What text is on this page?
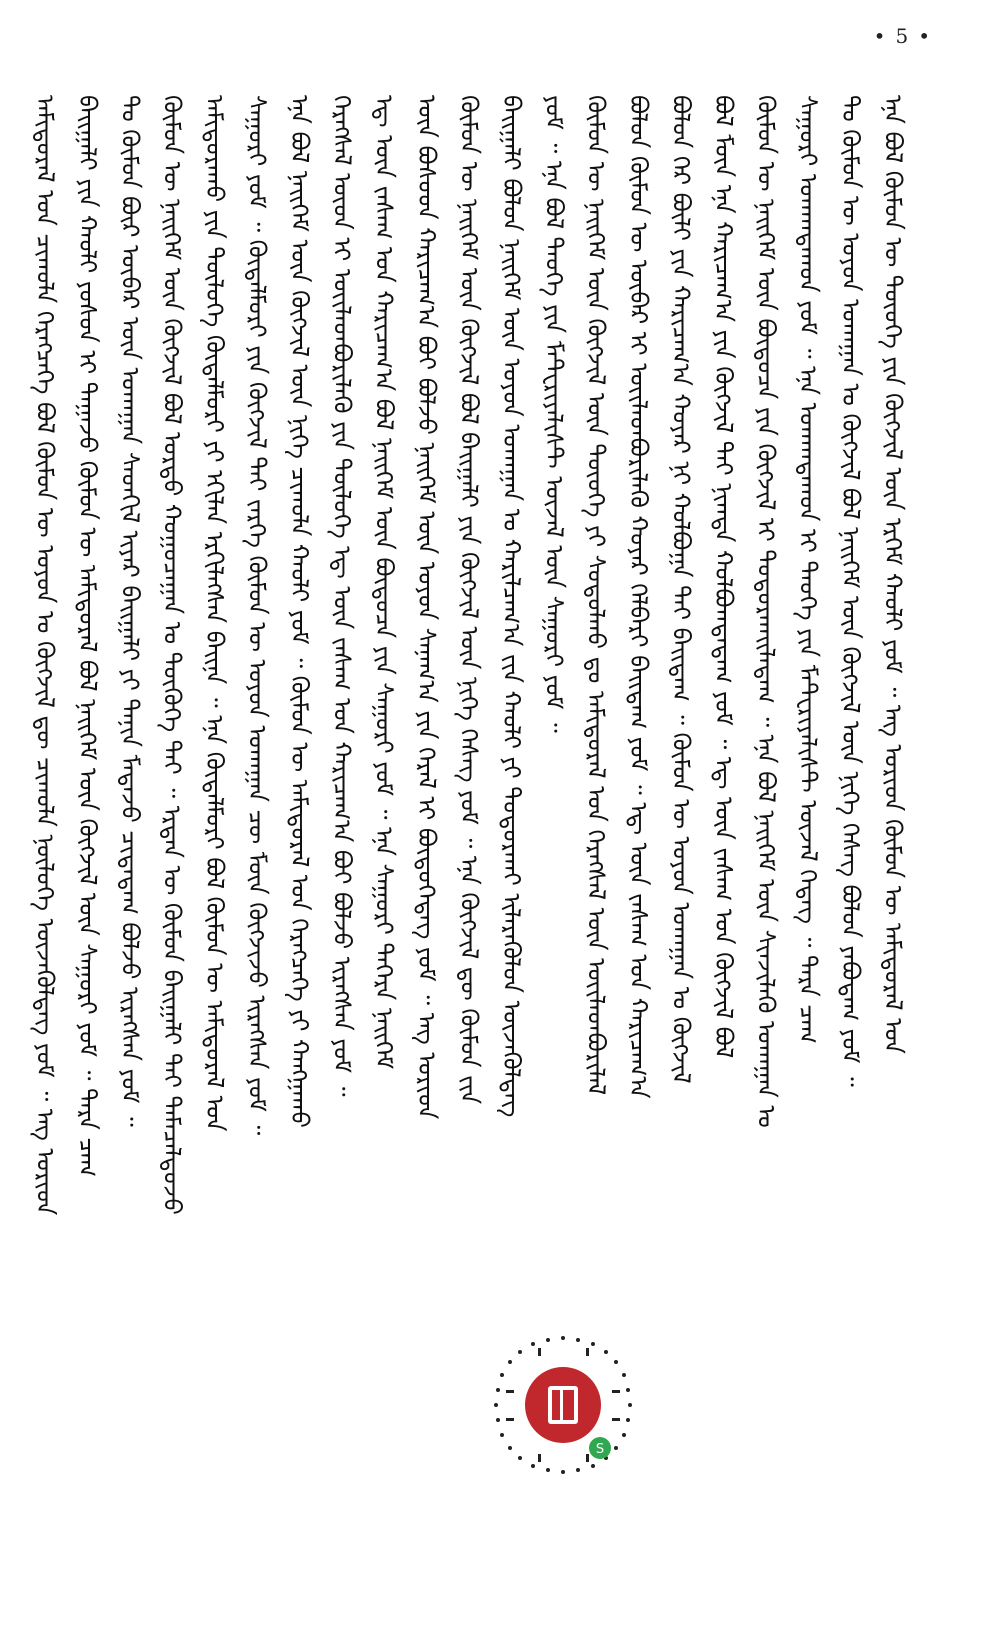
• 5 •
ᠠᠮᠢᠳᠤᠷᠠᠯ ᠤᠨ ᠴᠢᠬᠤᠯᠠ ᠬᠡᠷᠡᠭᠴᠡᠭᠡ ᠪᠣᠯ ᠬᠦᠮᠦᠨ ᠦ ᠣᠶᠤᠨ ᠤ ᠬᠥᠭᠵᠢᠯ ᠳᠦ ᠴᠢᠬᠤᠯᠠ ᠨᠥᠯᠥᠭᠡ ᠦᠵᠡᠭᠦᠯᠳᠡᠭ ᠶᠤᠮ ᠃ ᠡᠩ ᠤᠷᠢᠳ ᠪᠠᠢᠭᠠᠯᠢ ᠶᠢᠨ ᠬᠠᠤᠯᠢ ᠶᠣᠰᠣᠨ ᠢ ᠳᠠᠭᠠᠵᠤ ᠬᠦᠮᠦᠨ ᠦ ᠠᠮᠢᠳᠤᠷᠠᠯ ᠪᠣᠯ ᠨᠡᠢᠭᠡᠮ ᠦᠨ ᠬᠥᠭᠵᠢᠯ ᠦᠨ ᠰᠠᠭᠤᠷᠢ ᠶᠤᠮ ᠃ ᠲᠡᠷᠡ ᠴᠠᠭ ᠲᠤ ᠬᠦᠮᠦᠨ ᠪᠦᠷ ᠥᠪᠡᠷ ᠦᠨ ᠤᠬᠠᠭᠠᠨ ᠰᠡᠳᠬᠢᠯ ᠢᠶᠡᠷ ᠪᠠᠢᠭᠠᠯᠢ ᠶᠢ ᠲᠠᠨᠢᠨ ᠮᠡᠳᠡᠵᠦ ᠴᠢᠳᠠᠳᠠᠭ ᠪᠣᠯᠵᠤ ᠢᠷᠡᠭᠰᠡᠨ ᠶᠤᠮ ᠃ ᠬᠦᠮᠦᠨ ᠦ ᠨᠡᠢᠭᠡᠮ ᠦᠨ ᠬᠥᠭᠵᠢᠯ ᠪᠣᠯ ᠤᠷᠲᠤ ᠬᠤᠭᠤᠴᠠᠭᠠᠨ ᠤ ᠲᠦᠭᠦᠬᠡ ᠲᠠᠢ ᠃ ᠡᠷᠲᠡᠨ ᠦ ᠬᠦᠮᠦᠨ ᠪᠠᠢᠭᠠᠯᠢ ᠲᠠᠢ ᠲᠡᠮᠡᠴᠡᠯᠳᠦᠵᠦ ᠠᠮᠢᠳᠤᠷᠠᠬᠤ ᠶᠢᠨ ᠲᠥᠯᠥᠭᠡ ᠬᠥᠳᠡᠯᠮᠦᠷᠢ ᠶᠢ ᠡᠬᠢᠯᠡᠨ ᠡᠷᠬᠢᠯᠡᠭᠰᠡᠨ ᠪᠠᠢᠨᠠ ᠃ ᠡᠨᠡ ᠬᠥᠳᠡᠯᠮᠦᠷᠢ ᠪᠣᠯ ᠬᠦᠮᠦᠨ ᠦ ᠠᠮᠢᠳᠤᠷᠠᠯ ᠤᠨ ᠰᠠᠭᠤᠷᠢ ᠶᠤᠮ ᠃ ᠬᠥᠳᠡᠯᠮᠦᠷᠢ ᠶᠢᠨ ᠬᠥᠭᠵᠢᠯ ᠲᠡᠢ ᠵᠡᠷᠭᠡ ᠬᠦᠮᠦᠨ ᠦ ᠣᠶᠤᠨ ᠤᠬᠠᠭᠠᠨ ᠴᠦ ᠮᠥᠨ ᠬᠥᠭᠵᠢᠵᠦ ᠢᠷᠡᠭᠰᠡᠨ ᠶᠤᠮ ᠃ ᠡᠨᠡ ᠪᠣᠯ ᠨᠡᠢᠭᠡᠮ ᠦᠨ ᠬᠥᠭᠵᠢᠯ ᠦᠨ ᠨᠢᠭᠡ ᠴᠢᠬᠤᠯᠠ ᠬᠠᠤᠯᠢ ᠶᠤᠮ ᠃ ᠬᠦᠮᠦᠨ ᠦ ᠠᠮᠢᠳᠤᠷᠠᠯ ᠤᠨ ᠬᠡᠷᠡᠭᠴᠡᠭᠡ ᠶᠢ ᠬᠠᠩᠭᠠᠬᠤ ᠬᠡᠷᠡᠭᠰᠡᠯ ᠦᠳ ᠢ ᠦᠢᠯᠡᠳᠪᠦᠷᠢᠯᠡᠬᠦ ᠶᠢᠨ ᠲᠥᠯᠥᠭᠡ ᠡᠳ᠋ ᠦᠨ ᠵᠠᠰᠠᠭ ᠤᠨ ᠬᠠᠷᠢᠴᠠᠭ᠎ᠠ ᠪᠣᠢ ᠪᠣᠯᠵᠤ ᠢᠷᠡᠭᠰᠡᠨ ᠶᠤᠮ ᠃ ᠡᠳ᠋ ᠦᠨ ᠵᠠᠰᠠᠭ ᠤᠨ ᠬᠠᠷᠢᠴᠠᠭ᠎ᠠ ᠪᠣᠯ ᠨᠡᠢᠭᠡᠮ ᠦᠨ ᠪᠦᠲᠦᠴᠡ ᠶᠢᠨ ᠰᠠᠭᠤᠷᠢ ᠶᠤᠮ ᠃ ᠡᠨᠡ ᠰᠠᠭᠤᠷᠢ ᠲᠡᠭᠡᠷᠡ ᠨᠡᠢᠭᠡᠮ ᠦᠨ ᠪᠤᠰᠤᠳ ᠬᠠᠷᠢᠴᠠᠭ᠎ᠠ ᠪᠣᠢ ᠪᠣᠯᠵᠤ ᠨᠡᠢᠭᠡᠮ ᠦᠨ ᠣᠶᠤᠨ ᠰᠠᠨᠠᠭ᠎ᠠ ᠶᠢᠨ ᠭᠡᠷᠡᠯ ᠢ ᠪᠦᠲᠦᠭᠡᠳᠡᠭ ᠶᠤᠮ ᠃ ᠡᠩ ᠤᠷᠢᠳ ᠬᠦᠮᠦᠨ ᠦ ᠨᠡᠢᠭᠡᠮ ᠦᠨ ᠬᠥᠭᠵᠢᠯ ᠪᠣᠯ ᠪᠠᠢᠭᠠᠯᠢ ᠶᠢᠨ ᠬᠥᠭᠵᠢᠯ ᠦᠨ ᠨᠢᠭᠡ ᠬᠡᠰᠡᠭ ᠶᠤᠮ ᠃ ᠡᠨᠡ ᠬᠥᠭᠵᠢᠯ ᠳᠦ ᠬᠦᠮᠦᠨ ᠵᠢᠨ ᠪᠠᠢᠭᠠᠯᠢ ᠪᠣᠯᠤᠨ ᠨᠡᠢᠭᠡᠮ ᠦᠨ ᠣᠶᠤᠨ ᠤᠬᠠᠭᠠᠨ ᠤ ᠬᠠᠷᠢᠯᠴᠠᠭ᠎ᠠ ᠵᠢᠨ ᠬᠠᠤᠯᠢ ᠶᠢ ᠲᠣᠳᠤᠷᠬᠠᠢ ᠢᠯᠡᠷᠡᠬᠦᠯᠦᠨ ᠦᠵᠡᠭᠦᠯᠳᠡᠭ ᠶᠤᠮ ᠃ ᠡᠨᠡ ᠪᠣᠯ ᠲᠡᠦᠬᠡ ᠶᠢᠨ ᠮᠠᠲ᠋ᠧᠷᠢᠶᠠᠯᠢᠰᠲ ᠦᠵᠡᠯ ᠦᠨ ᠰᠠᠭᠤᠷᠢ ᠶᠤᠮ ᠃ ᠬᠦᠮᠦᠨ ᠦ ᠨᠡᠢᠭᠡᠮ ᠦᠨ ᠬᠥᠭᠵᠢᠯ ᠦᠨ ᠲᠦᠦᠬᠡ ᠶᠢ ᠰᠤᠳᠤᠯᠬᠤ ᠳᠤ ᠠᠮᠢᠳᠤᠷᠠᠯ ᠤᠨ ᠬᠡᠷᠡᠭᠰᠡᠯ ᠦᠨ ᠦᠢᠯᠡᠳᠪᠦᠷᠢᠯᠡᠯ ᠪᠣᠯᠤᠨ ᠬᠦᠮᠦᠨ ᠦ ᠥᠪᠡᠷ ᠢ ᠦᠢᠯᠡᠳᠪᠦᠷᠢᠯᠡᠬᠦ ᠬᠣᠶᠠᠷ ᠬᠡᠯᠪᠡᠷᠢ ᠪᠠᠢᠳᠠᠭ ᠶᠤᠮ ᠃ ᠡᠳ᠋ ᠦᠨ ᠵᠠᠰᠠᠭ ᠤᠨ ᠬᠠᠷᠢᠴᠠᠭ᠎ᠠ ᠪᠣᠯᠤᠨ ᠭᠡᠷ ᠪᠦᠯᠢ ᠶᠢᠨ ᠬᠠᠷᠢᠴᠠᠭ᠎ᠠ ᠬᠣᠶᠠᠷ ᠨᠢ ᠬᠣᠯᠪᠣᠭᠠ ᠲᠠᠢ ᠪᠠᠢᠳᠠᠭ ᠃ ᠬᠦᠮᠦᠨ ᠦ ᠣᠶᠤᠨ ᠤᠬᠠᠭᠠᠨ ᠤ ᠬᠥᠭᠵᠢᠯ ᠪᠣᠯ ᠮᠥᠨ ᠡᠨᠡ ᠬᠠᠷᠢᠴᠠᠭ᠎ᠠ ᠶᠢᠨ ᠬᠥᠭᠵᠢᠯ ᠲᠡᠢ ᠨᠢᠭᠲᠠ ᠬᠣᠯᠪᠣᠭᠳᠠᠳᠠᠭ ᠶᠤᠮ ᠃ ᠡᠳ᠋ ᠦᠨ ᠵᠠᠰᠠᠭ ᠤᠨ ᠬᠥᠭᠵᠢᠯ ᠪᠣᠯ ᠬᠦᠮᠦᠨ ᠦ ᠨᠡᠢᠭᠡᠮ ᠦᠨ ᠪᠦᠲᠦᠴᠡ ᠶᠢᠨ ᠬᠥᠭᠵᠢᠯ ᠢ ᠲᠣᠳᠤᠷᠬᠠᠢᠯᠠᠳᠠᠭ ᠃ ᠡᠨᠡ ᠪᠣᠯ ᠨᠡᠢᠭᠡᠮ ᠦᠨ ᠰᠢᠨᠵᠢᠯᠡᠬᠦ ᠤᠬᠠᠭᠠᠨ ᠤ ᠰᠠᠭᠤᠷᠢ ᠤᠬᠠᠭᠳᠠᠬᠤᠨ ᠶᠤᠮ ᠃ ᠡᠨᠡ ᠤᠬᠠᠭᠳᠠᠬᠤᠨ ᠢ ᠲᠡᠦᠬᠡ ᠶᠢᠨ ᠮᠠᠲ᠋ᠧᠷᠢᠶᠠᠯᠢᠰᠲ ᠦᠵᠡᠯ ᠭᠡᠳᠡᠭ ᠃ ᠲᠡᠷᠡ ᠴᠠᠭ ᠲᠤ ᠬᠦᠮᠦᠨ ᠦ ᠣᠶᠤᠨ ᠤᠬᠠᠭᠠᠨ ᠤ ᠬᠥᠭᠵᠢᠯ ᠪᠣᠯ ᠨᠡᠢᠭᠡᠮ ᠦᠨ ᠬᠥᠭᠵᠢᠯ ᠦᠨ ᠨᠢᠭᠡ ᠬᠡᠰᠡᠭ ᠪᠣᠯᠤᠨ ᠶᠠᠪᠤᠳᠠᠭ ᠶᠤᠮ ᠃ ᠡᠨᠡ ᠪᠣᠯ ᠬᠦᠮᠦᠨ ᠦ ᠲᠦᠦᠬᠡ ᠶᠢᠨ ᠬᠥᠭᠵᠢᠯ ᠦᠨ ᠡᠷᠬᠡᠮ ᠬᠠᠤᠯᠢ ᠶᠤᠮ ᠃ ᠡᠩ ᠤᠷᠢᠳ ᠬᠦᠮᠦᠨ ᠦ ᠠᠮᠢᠳᠤᠷᠠᠯ ᠤᠨ
S
